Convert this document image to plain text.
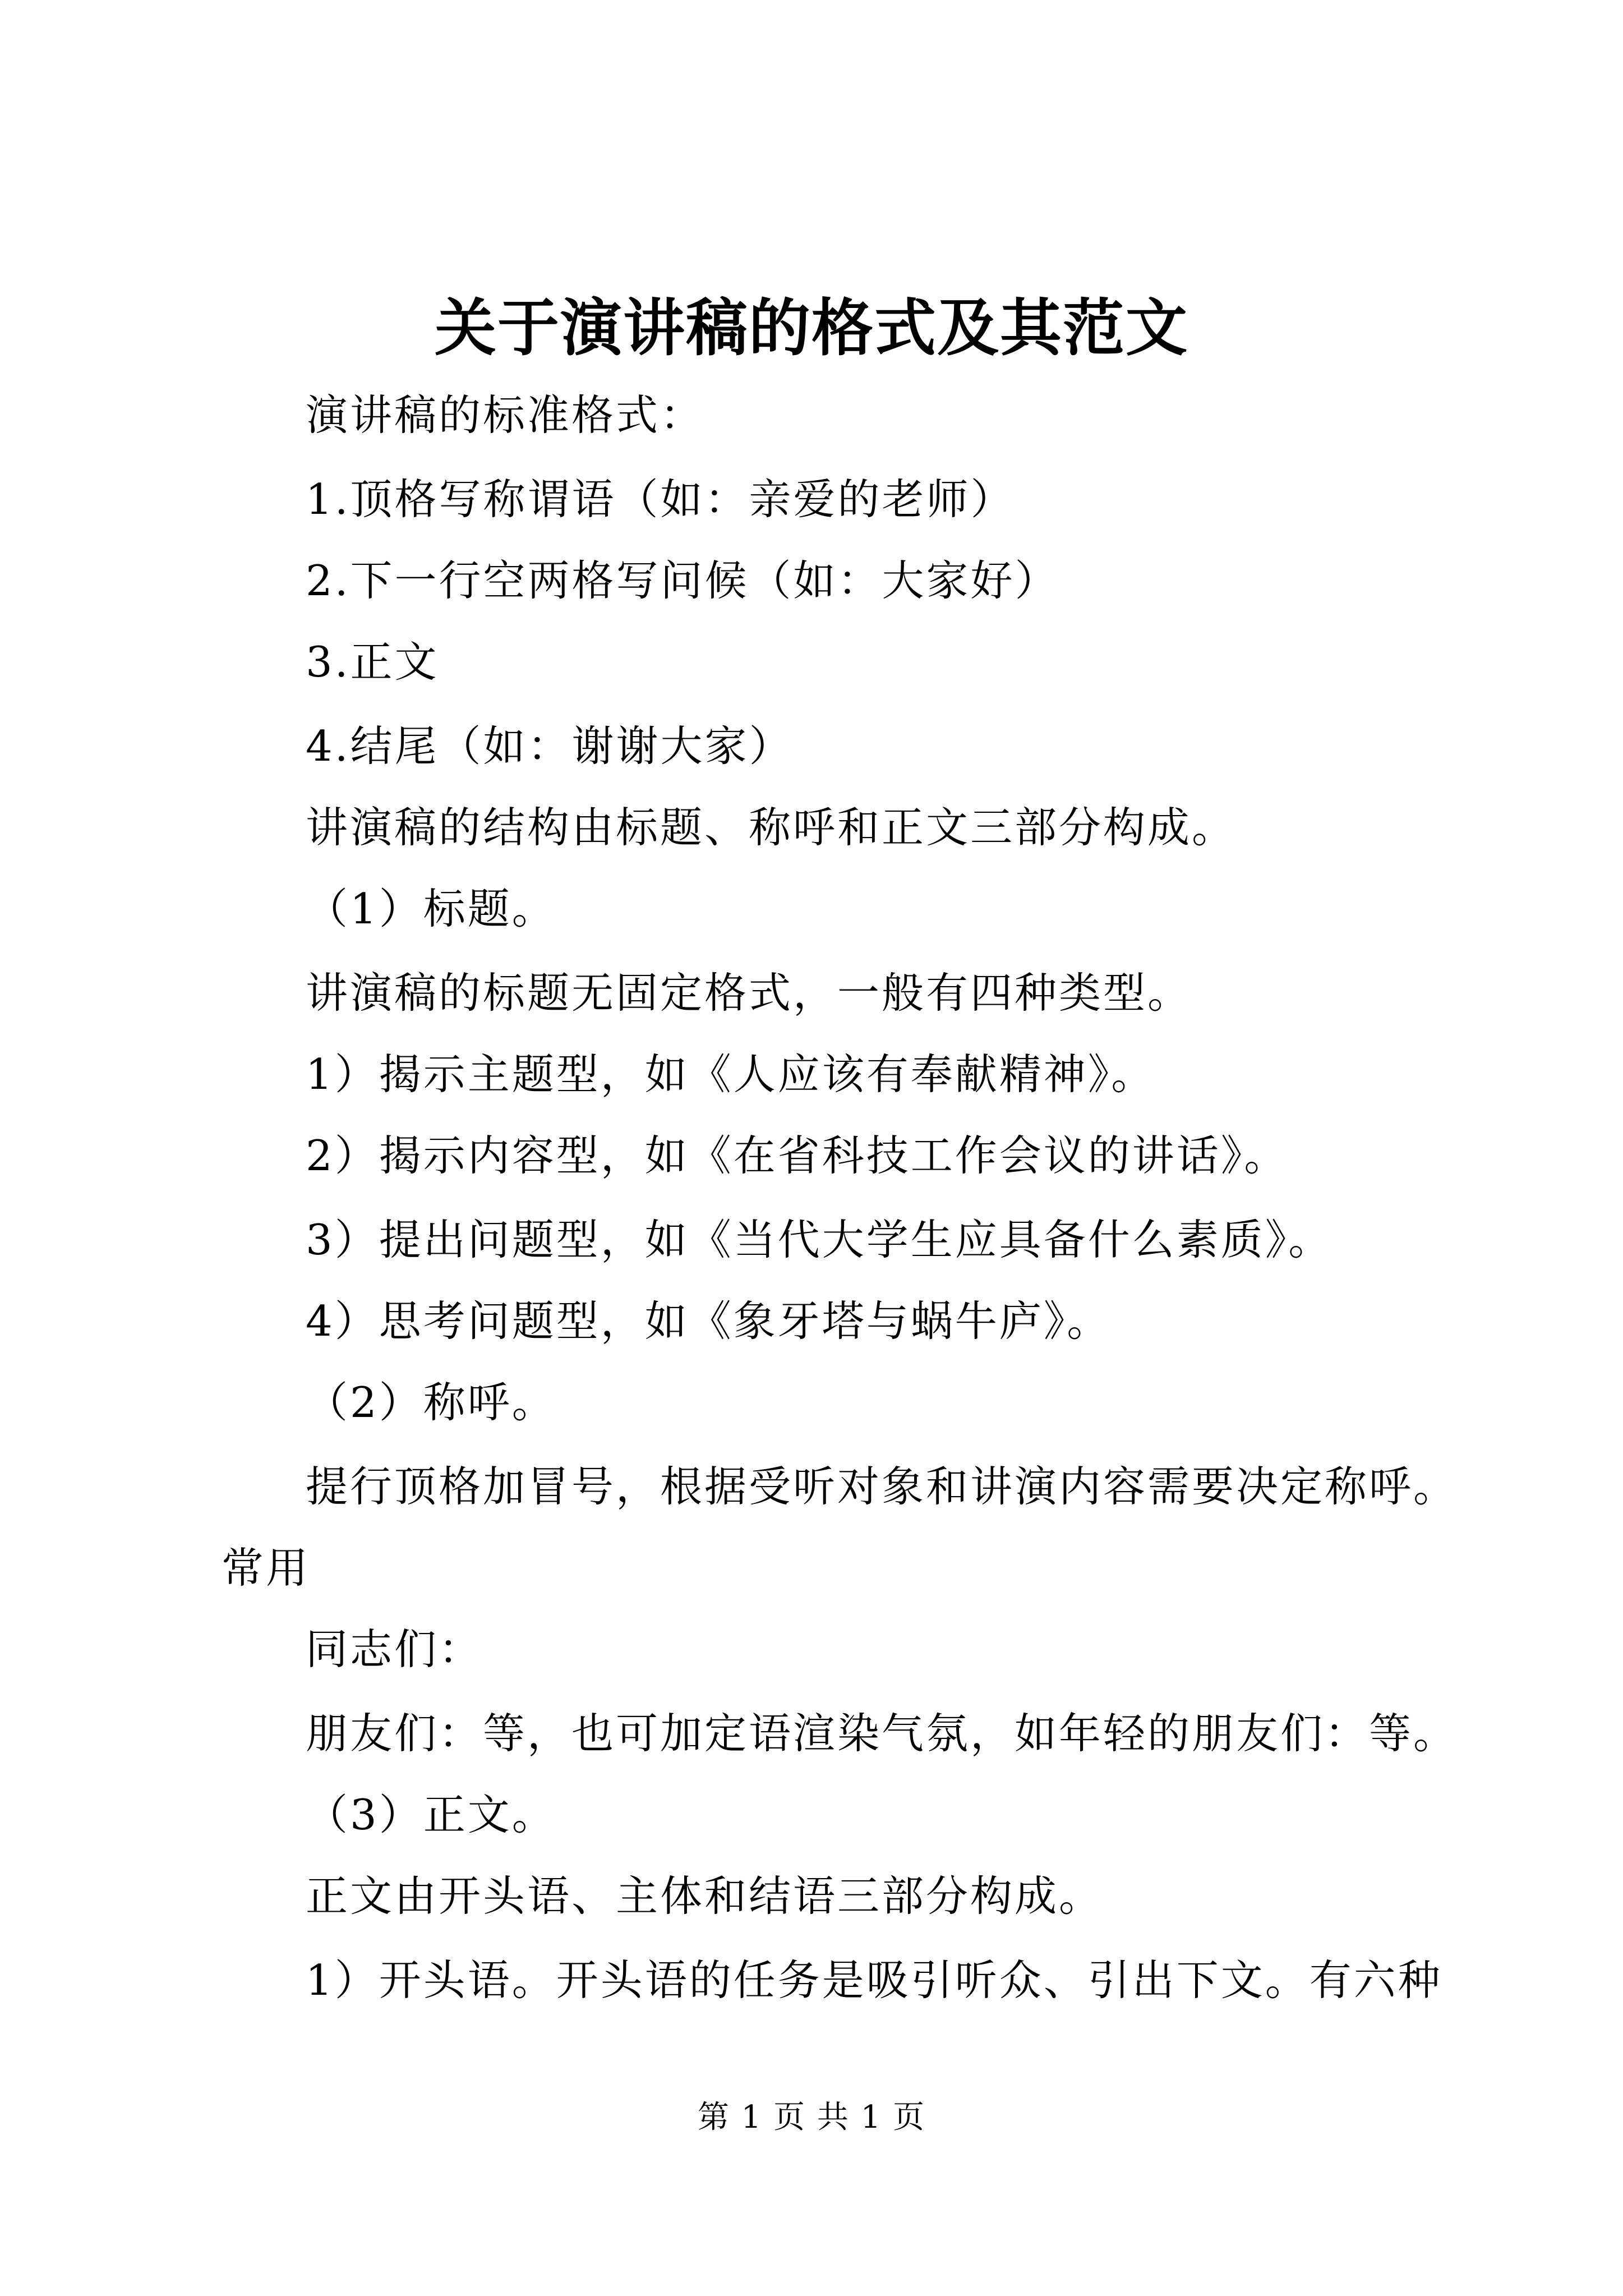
关于演讲稿的格式及其范文
演讲稿的标准格式：
1.顶格写称谓语（如：亲爱的老师）
2.下一行空两格写问候（如：大家好）
3.正文
4.结尾（如：谢谢大家）
讲演稿的结构由标题、称呼和正文三部分构成。
（1）标题。
讲演稿的标题无固定格式，一般有四种类型。
1）揭示主题型，如《人应该有奉献精神》。
2）揭示内容型，如《在省科技工作会议的讲话》。
3）提出问题型，如《当代大学生应具备什么素质》。
4）思考问题型，如《象牙塔与蜗牛庐》。
（2）称呼。
提行顶格加冒号，根据受听对象和讲演内容需要决定称呼。
常用
同志们：
朋友们：等，也可加定语渲染气氛，如年轻的朋友们：等。
（3）正文。
正文由开头语、主体和结语三部分构成。
1）开头语。开头语的任务是吸引听众、引出下文。有六种
第 1 页 共 1 页
